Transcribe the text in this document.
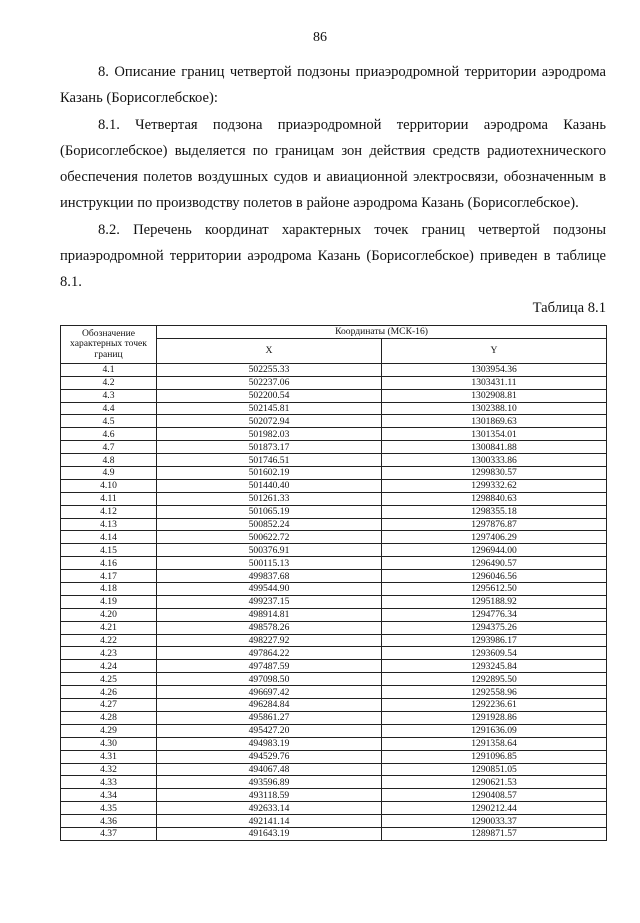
86

8. Описание границ четвертой подзоны приаэродромной территории аэродрома Казань (Борисоглебское):

8.1. Четвертая подзона приаэродромной территории аэродрома Казань (Борисоглебское) выделяется по границам зон действия средств радиотехнического обеспечения полетов воздушных судов и авиационной электросвязи, обозначенным в инструкции по производству полетов в районе аэродрома Казань (Борисоглебское).

8.2. Перечень координат характерных точек границ четвертой подзоны приаэродромной территории аэродрома Казань (Борисоглебское) приведен в таблице 8.1.

Таблица 8.1
Обозначение характерных точек границ	Координаты (МСК-16)	
	X	Y
4.1	502255.33	1303954.36
4.2	502237.06	1303431.11
4.3	502200.54	1302908.81
4.4	502145.81	1302388.10
4.5	502072.94	1301869.63
4.6	501982.03	1301354.01
4.7	501873.17	1300841.88
4.8	501746.51	1300333.86
4.9	501602.19	1299830.57
4.10	501440.40	1299332.62
4.11	501261.33	1298840.63
4.12	501065.19	1298355.18
4.13	500852.24	1297876.87
4.14	500622.72	1297406.29
4.15	500376.91	1296944.00
4.16	500115.13	1296490.57
4.17	499837.68	1296046.56
4.18	499544.90	1295612.50
4.19	499237.15	1295188.92
4.20	498914.81	1294776.34
4.21	498578.26	1294375.26
4.22	498227.92	1293986.17
4.23	497864.22	1293609.54
4.24	497487.59	1293245.84
4.25	497098.50	1292895.50
4.26	496697.42	1292558.96
4.27	496284.84	1292236.61
4.28	495861.27	1291928.86
4.29	495427.20	1291636.09
4.30	494983.19	1291358.64
4.31	494529.76	1291096.85
4.32	494067.48	1290851.05
4.33	493596.89	1290621.53
4.34	493118.59	1290408.57
4.35	492633.14	1290212.44
4.36	492141.14	1290033.37
4.37	491643.19	1289871.57
